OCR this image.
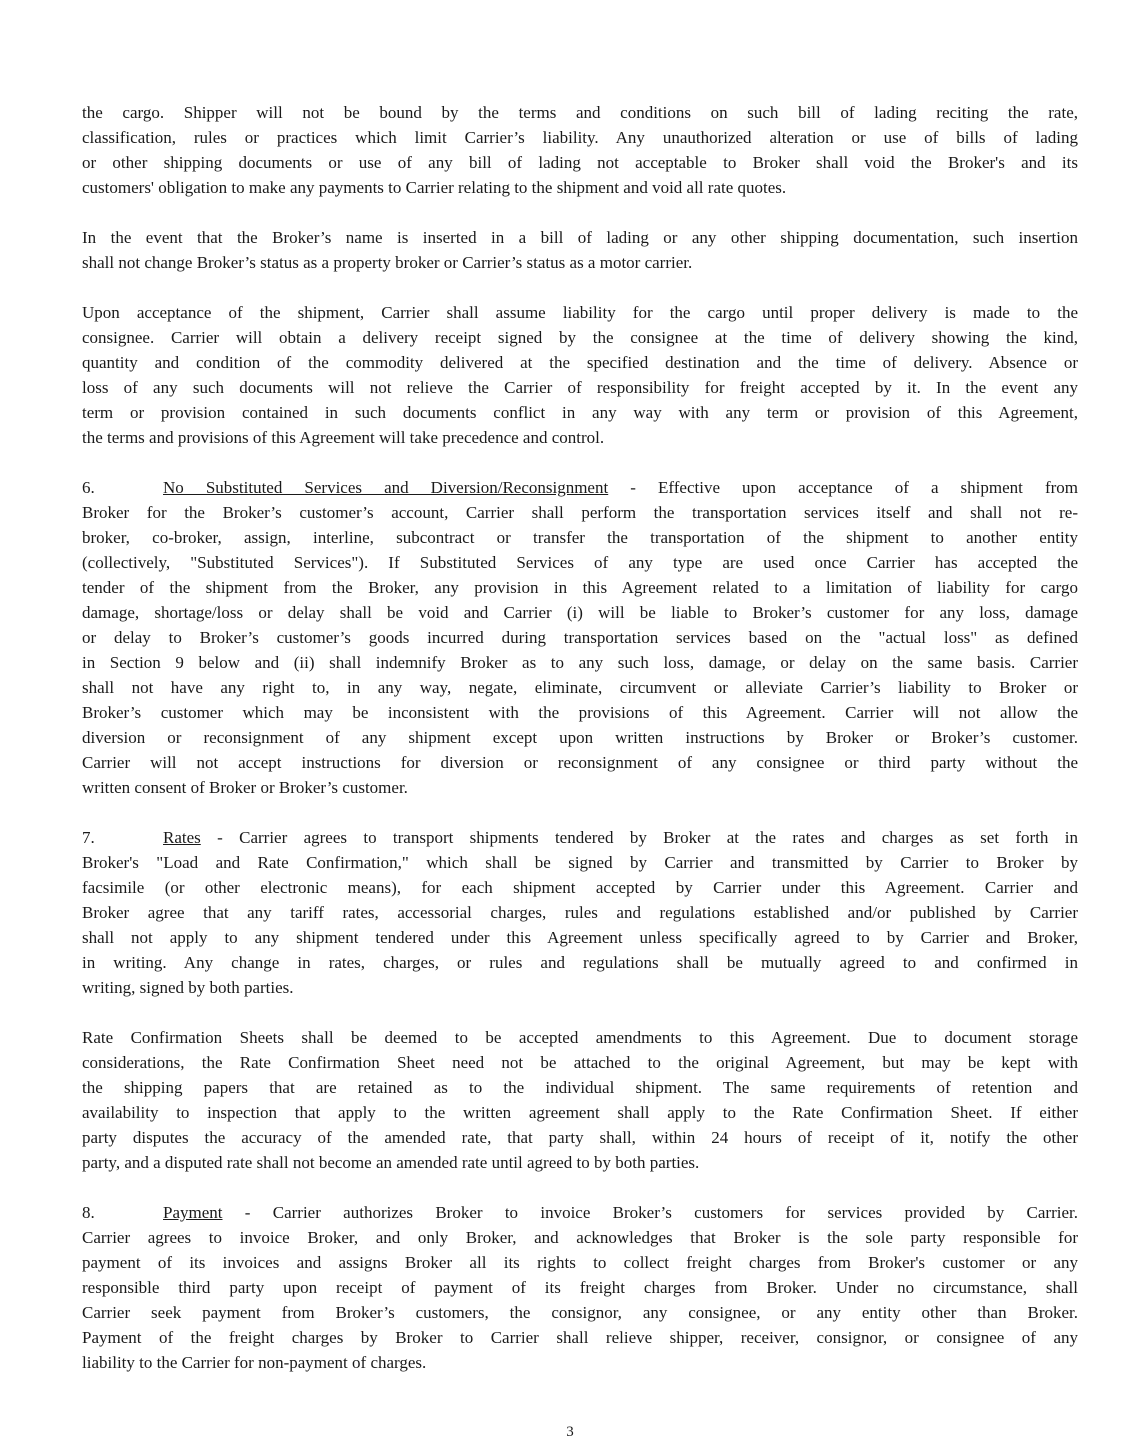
the cargo. Shipper will not be bound by the terms and conditions on such bill of lading reciting the rate,
classification, rules or practices which limit Carrier’s liability. Any unauthorized alteration or use of bills of lading
or other shipping documents or use of any bill of lading not acceptable to Broker shall void the Broker's and its
customers' obligation to make any payments to Carrier relating to the shipment and void all rate quotes.
In the event that the Broker’s name is inserted in a bill of lading or any other shipping documentation, such insertion
shall not change Broker’s status as a property broker or Carrier’s status as a motor carrier.
Upon acceptance of the shipment, Carrier shall assume liability for the cargo until proper delivery is made to the
consignee. Carrier will obtain a delivery receipt signed by the consignee at the time of delivery showing the kind,
quantity and condition of the commodity delivered at the specified destination and the time of delivery. Absence or
loss of any such documents will not relieve the Carrier of responsibility for freight accepted by it. In the event any
term or provision contained in such documents conflict in any way with any term or provision of this Agreement,
the terms and provisions of this Agreement will take precedence and control.
6.	No Substituted Services and Diversion/Reconsignment - Effective upon acceptance of a shipment from
Broker for the Broker’s customer’s account, Carrier shall perform the transportation services itself and shall not re-
broker, co-broker, assign, interline, subcontract or transfer the transportation of the shipment to another entity
(collectively, "Substituted Services"). If Substituted Services of any type are used once Carrier has accepted the
tender of the shipment from the Broker, any provision in this Agreement related to a limitation of liability for cargo
damage, shortage/loss or delay shall be void and Carrier (i) will be liable to Broker’s customer for any loss, damage
or delay to Broker’s customer’s goods incurred during transportation services based on the "actual loss" as defined
in Section 9 below and (ii) shall indemnify Broker as to any such loss, damage, or delay on the same basis. Carrier
shall not have any right to, in any way, negate, eliminate, circumvent or alleviate Carrier’s liability to Broker or
Broker’s customer which may be inconsistent with the provisions of this Agreement. Carrier will not allow the
diversion or reconsignment of any shipment except upon written instructions by Broker or Broker’s customer.
Carrier will not accept instructions for diversion or reconsignment of any consignee or third party without the
written consent of Broker or Broker’s customer.
7.	Rates - Carrier agrees to transport shipments tendered by Broker at the rates and charges as set forth in
Broker's "Load and Rate Confirmation," which shall be signed by Carrier and transmitted by Carrier to Broker by
facsimile (or other electronic means), for each shipment accepted by Carrier under this Agreement. Carrier and
Broker agree that any tariff rates, accessorial charges, rules and regulations established and/or published by Carrier
shall not apply to any shipment tendered under this Agreement unless specifically agreed to by Carrier and Broker,
in writing. Any change in rates, charges, or rules and regulations shall be mutually agreed to and confirmed in
writing, signed by both parties.
Rate Confirmation Sheets shall be deemed to be accepted amendments to this Agreement. Due to document storage
considerations, the Rate Confirmation Sheet need not be attached to the original Agreement, but may be kept with
the shipping papers that are retained as to the individual shipment. The same requirements of retention and
availability to inspection that apply to the written agreement shall apply to the Rate Confirmation Sheet. If either
party disputes the accuracy of the amended rate, that party shall, within 24 hours of receipt of it, notify the other
party, and a disputed rate shall not become an amended rate until agreed to by both parties.
8.	Payment - Carrier authorizes Broker to invoice Broker’s customers for services provided by Carrier.
Carrier agrees to invoice Broker, and only Broker, and acknowledges that Broker is the sole party responsible for
payment of its invoices and assigns Broker all its rights to collect freight charges from Broker's customer or any
responsible third party upon receipt of payment of its freight charges from Broker. Under no circumstance, shall
Carrier seek payment from Broker’s customers, the consignor, any consignee, or any entity other than Broker.
Payment of the freight charges by Broker to Carrier shall relieve shipper, receiver, consignor, or consignee of any
liability to the Carrier for non-payment of charges.
3
